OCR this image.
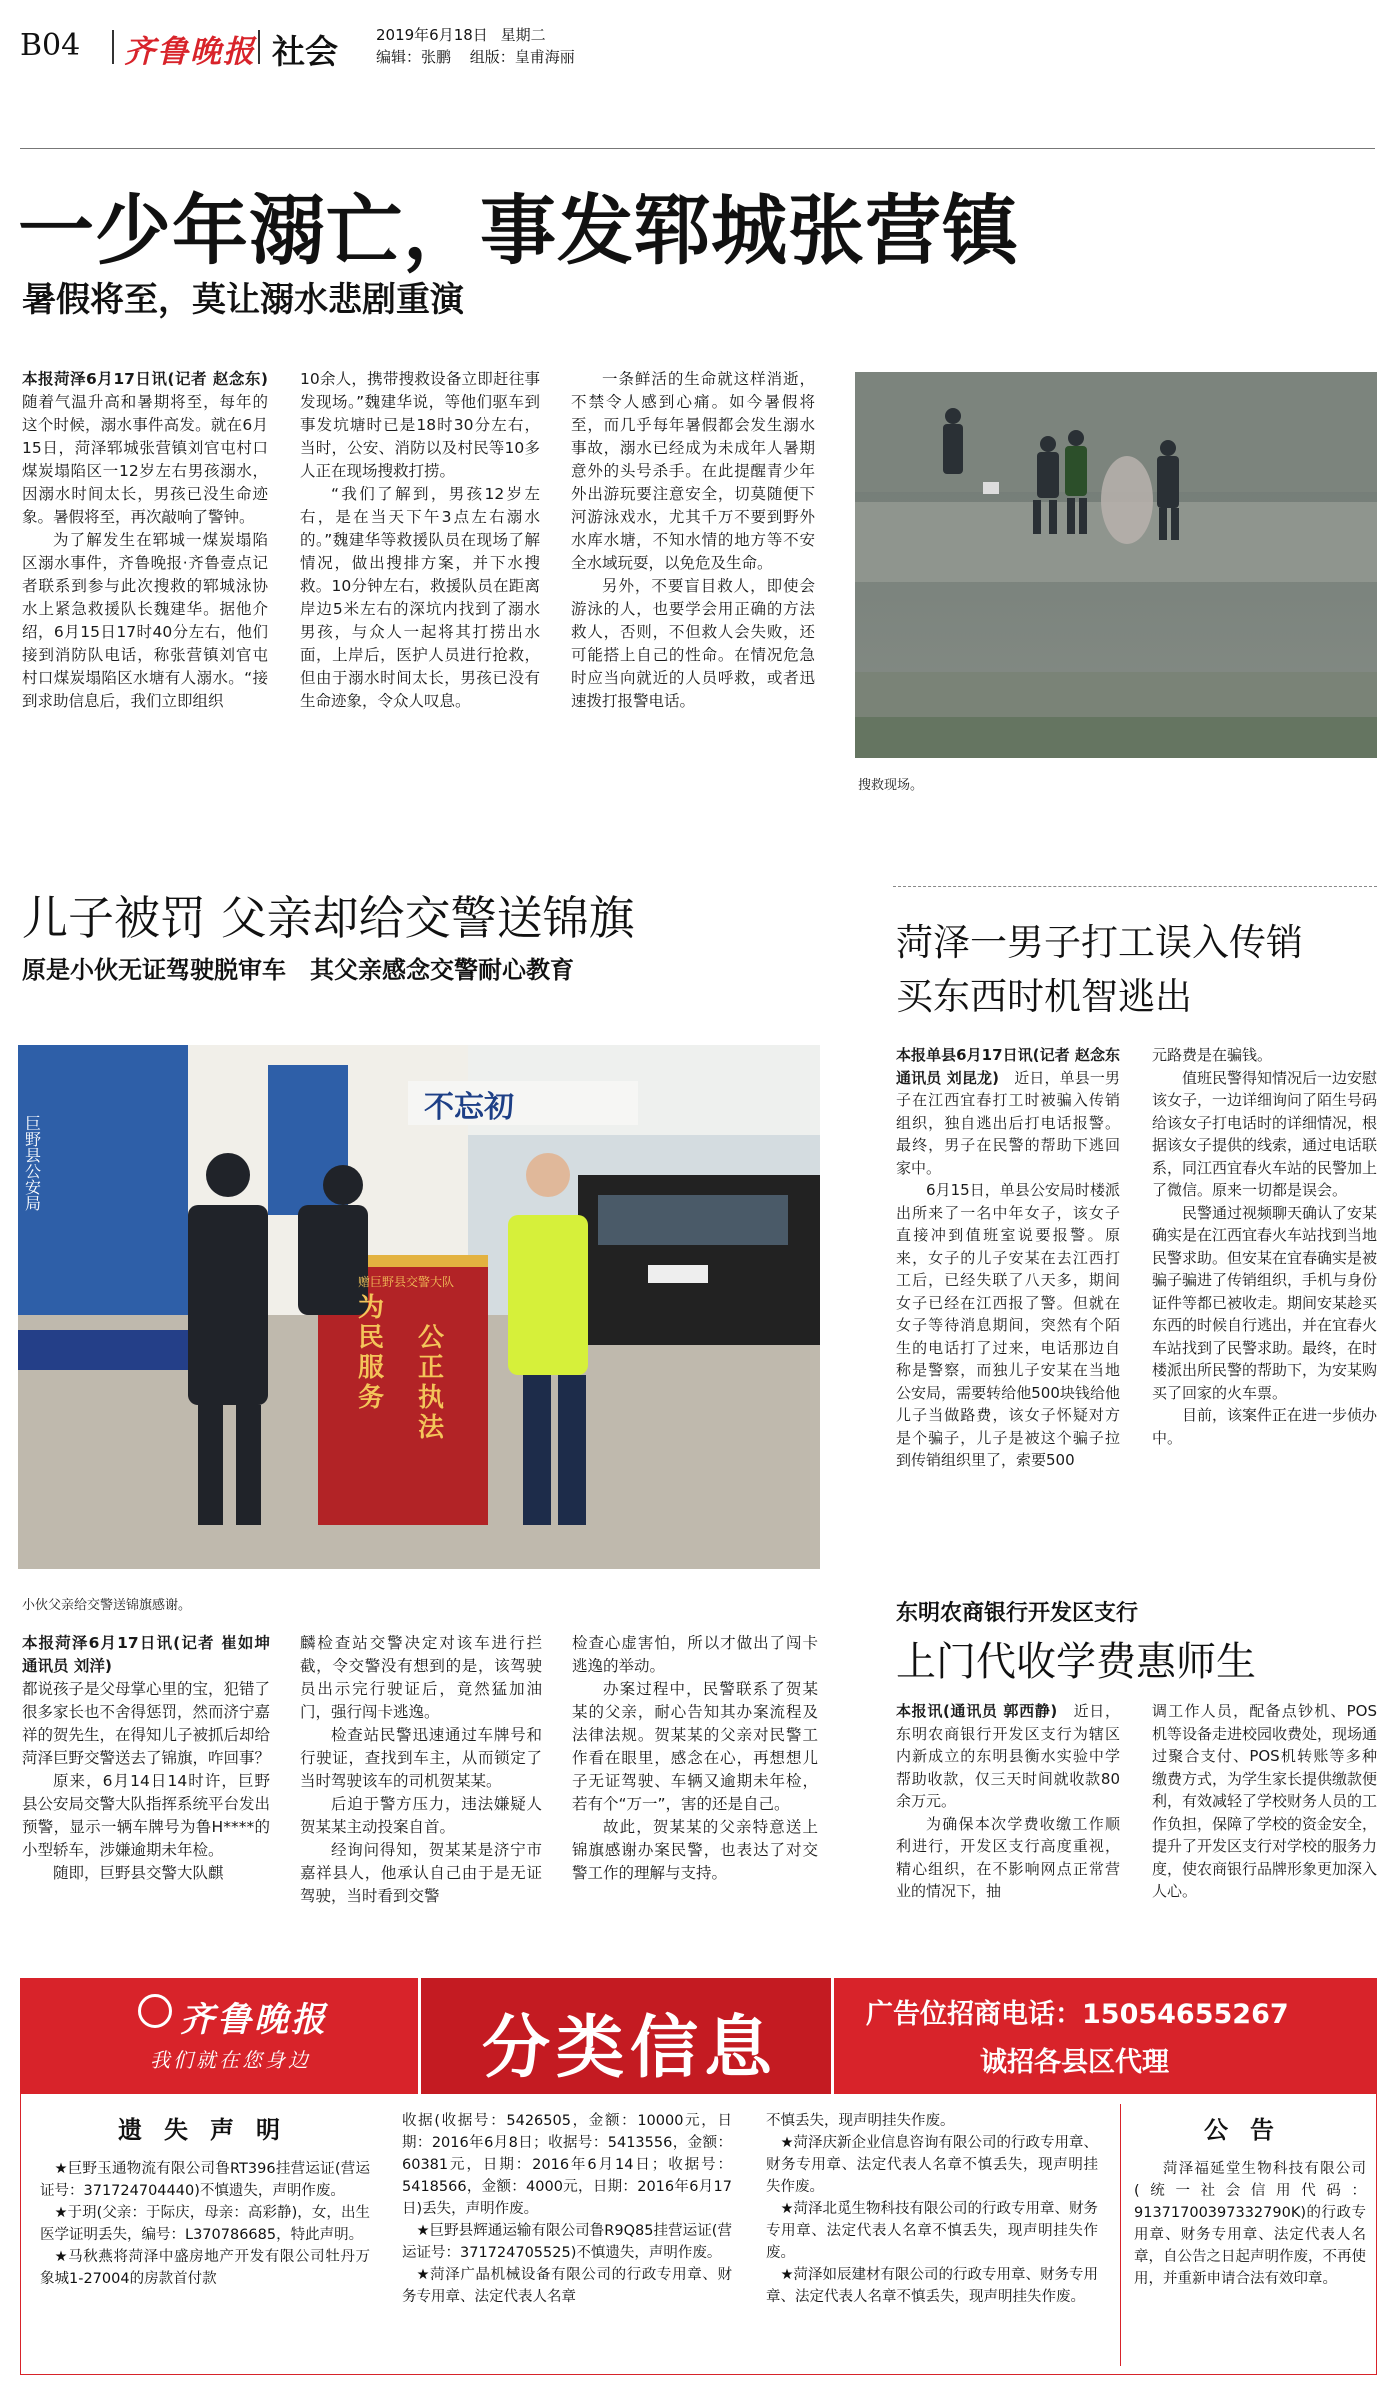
B04 齐鲁晚报 社会	2019年6月18日 星期二
编辑：张鹏 组版：皇甫海丽
一少年溺亡，事发郓城张营镇
暑假将至，莫让溺水悲剧重演

本报菏泽6月17日讯(记者 赵念东)　随着气温升高和暑期将至，每年的这个时候，溺水事件高发。就在6月15日，菏泽郓城张营镇刘官屯村口煤炭塌陷区一12岁左右男孩溺水，因溺水时间太长，男孩已没生命迹象。暑假将至，再次敲响了警钟。

为了解发生在郓城一煤炭塌陷区溺水事件，齐鲁晚报·齐鲁壹点记者联系到参与此次搜救的郓城泳协水上紧急救援队长魏建华。据他介绍，6月15日17时40分左右，他们接到消防队电话，称张营镇刘官屯村口煤炭塌陷区水塘有人溺水。“接到求助信息后，我们立即组织

10余人，携带搜救设备立即赶往事发现场。”魏建华说，等他们驱车到事发坑塘时已是18时30分左右，当时，公安、消防以及村民等10多人正在现场搜救打捞。

“我们了解到，男孩12岁左右，是在当天下午3点左右溺水的。”魏建华等救援队员在现场了解情况，做出搜排方案，并下水搜救。10分钟左右，救援队员在距离岸边5米左右的深坑内找到了溺水男孩，与众人一起将其打捞出水面，上岸后，医护人员进行抢救，但由于溺水时间太长，男孩已没有生命迹象，令众人叹息。

一条鲜活的生命就这样消逝，不禁令人感到心痛。如今暑假将至，而几乎每年暑假都会发生溺水事故，溺水已经成为未成年人暑期意外的头号杀手。在此提醒青少年外出游玩要注意安全，切莫随便下河游泳戏水，尤其千万不要到野外水库水塘，不知水情的地方等不安全水域玩耍，以免危及生命。

另外，不要盲目救人，即使会游泳的人，也要学会用正确的方法救人，否则，不但救人会失败，还可能搭上自己的性命。在情况危急时应当向就近的人员呼救，或者迅速拨打报警电话。

搜救现场。
儿子被罚 父亲却给交警送锦旗
原是小伙无证驾驶脱审车　其父亲感念交警耐心教育
不忘初
巨野县公安局
赠巨野县交警大队
为民服务
公正执法
小伙父亲给交警送锦旗感谢。

本报菏泽6月17日讯(记者 崔如坤　通讯员 刘洋)

都说孩子是父母掌心里的宝，犯错了很多家长也不舍得惩罚，然而济宁嘉祥的贺先生，在得知儿子被抓后却给菏泽巨野交警送去了锦旗，咋回事？

原来，6月14日14时许，巨野县公安局交警大队指挥系统平台发出预警，显示一辆车牌号为鲁H****的小型轿车，涉嫌逾期未年检。

随即，巨野县交警大队麒

麟检查站交警决定对该车进行拦截，令交警没有想到的是，该驾驶员出示完行驶证后，竟然猛加油门，强行闯卡逃逸。

检查站民警迅速通过车牌号和行驶证，查找到车主，从而锁定了当时驾驶该车的司机贺某某。

后迫于警方压力，违法嫌疑人贺某某主动投案自首。

经询问得知，贺某某是济宁市嘉祥县人，他承认自己由于是无证驾驶，当时看到交警

检查心虚害怕，所以才做出了闯卡逃逸的举动。

办案过程中，民警联系了贺某某的父亲，耐心告知其办案流程及法律法规。贺某某的父亲对民警工作看在眼里，感念在心，再想想儿子无证驾驶、车辆又逾期未年检，若有个“万一”，害的还是自己。

故此，贺某某的父亲特意送上锦旗感谢办案民警，也表达了对交警工作的理解与支持。

菏泽一男子打工误入传销
买东西时机智逃出

本报单县6月17日讯(记者 赵念东　通讯员 刘昆龙)　 近日，单县一男子在江西宜春打工时被骗入传销组织，独自逃出后打电话报警。最终，男子在民警的帮助下逃回家中。

6月15日，单县公安局时楼派出所来了一名中年女子，该女子直接冲到值班室说要报警。原来，女子的儿子安某在去江西打工后，已经失联了八天多，期间女子已经在江西报了警。但就在女子等待消息期间，突然有个陌生的电话打了过来，电话那边自称是警察，而独儿子安某在当地公安局，需要转给他500块钱给他儿子当做路费，该女子怀疑对方是个骗子，儿子是被这个骗子拉到传销组织里了，索要500

元路费是在骗钱。

值班民警得知情况后一边安慰该女子，一边详细询问了陌生号码给该女子打电话时的详细情况，根据该女子提供的线索，通过电话联系，同江西宜春火车站的民警加上了微信。原来一切都是误会。

民警通过视频聊天确认了安某确实是在江西宜春火车站找到当地民警求助。但安某在宜春确实是被骗子骗进了传销组织，手机与身份证件等都已被收走。期间安某趁买东西的时候自行逃出，并在宜春火车站找到了民警求助。最终，在时楼派出所民警的帮助下，为安某购买了回家的火车票。

目前，该案件正在进一步侦办中。

东明农商银行开发区支行
上门代收学费惠师生

本报讯(通讯员 郭西静)　 近日，东明农商银行开发区支行为辖区内新成立的东明县衡水实验中学帮助收款，仅三天时间就收款80余万元。

为确保本次学费收缴工作顺利进行，开发区支行高度重视，精心组织，在不影响网点正常营业的情况下，抽

调工作人员，配备点钞机、POS机等设备走进校园收费处，现场通过聚合支付、POS机转账等多种缴费方式，为学生家长提供缴款便利，有效减轻了学校财务人员的工作负担，保障了学校的资金安全，提升了开发区支行对学校的服务力度，使农商银行品牌形象更加深入人心。

齐鲁晚报
我们就在您身边	分类信息	广告位招商电话：15054655267
诚招各县区代理
遗失声明

★巨野玉通物流有限公司鲁RT396挂营运证(营运证号：371724704440)不慎遗失，声明作废。

★于玥(父亲：于际庆，母亲：高彩静)，女，出生医学证明丢失，编号：L370786685，特此声明。

★马秋燕将菏泽中盛房地产开发有限公司牡丹万象城1-27004的房款首付款

收据(收据号：5426505，金额：10000元，日期：2016年6月8日；收据号：5413556，金额：60381元，日期：2016年6月14日；收据号：5418566，金额：4000元，日期：2016年6月17日)丢失，声明作废。

★巨野县辉通运输有限公司鲁R9Q85挂营运证(营运证号：371724705525)不慎遗失，声明作废。

★菏泽广晶机械设备有限公司的行政专用章、财务专用章、法定代表人名章

不慎丢失，现声明挂失作废。

★菏泽庆新企业信息咨询有限公司的行政专用章、财务专用章、法定代表人名章不慎丢失，现声明挂失作废。

★菏泽北觅生物科技有限公司的行政专用章、财务专用章、法定代表人名章不慎丢失，现声明挂失作废。

★菏泽如辰建材有限公司的行政专用章、财务专用章、法定代表人名章不慎丢失，现声明挂失作废。

公告

菏泽福延堂生物科技有限公司(统一社会信用代码：91371700397332790K)的行政专用章、财务专用章、法定代表人名章，自公告之日起声明作废，不再使用，并重新申请合法有效印章。
